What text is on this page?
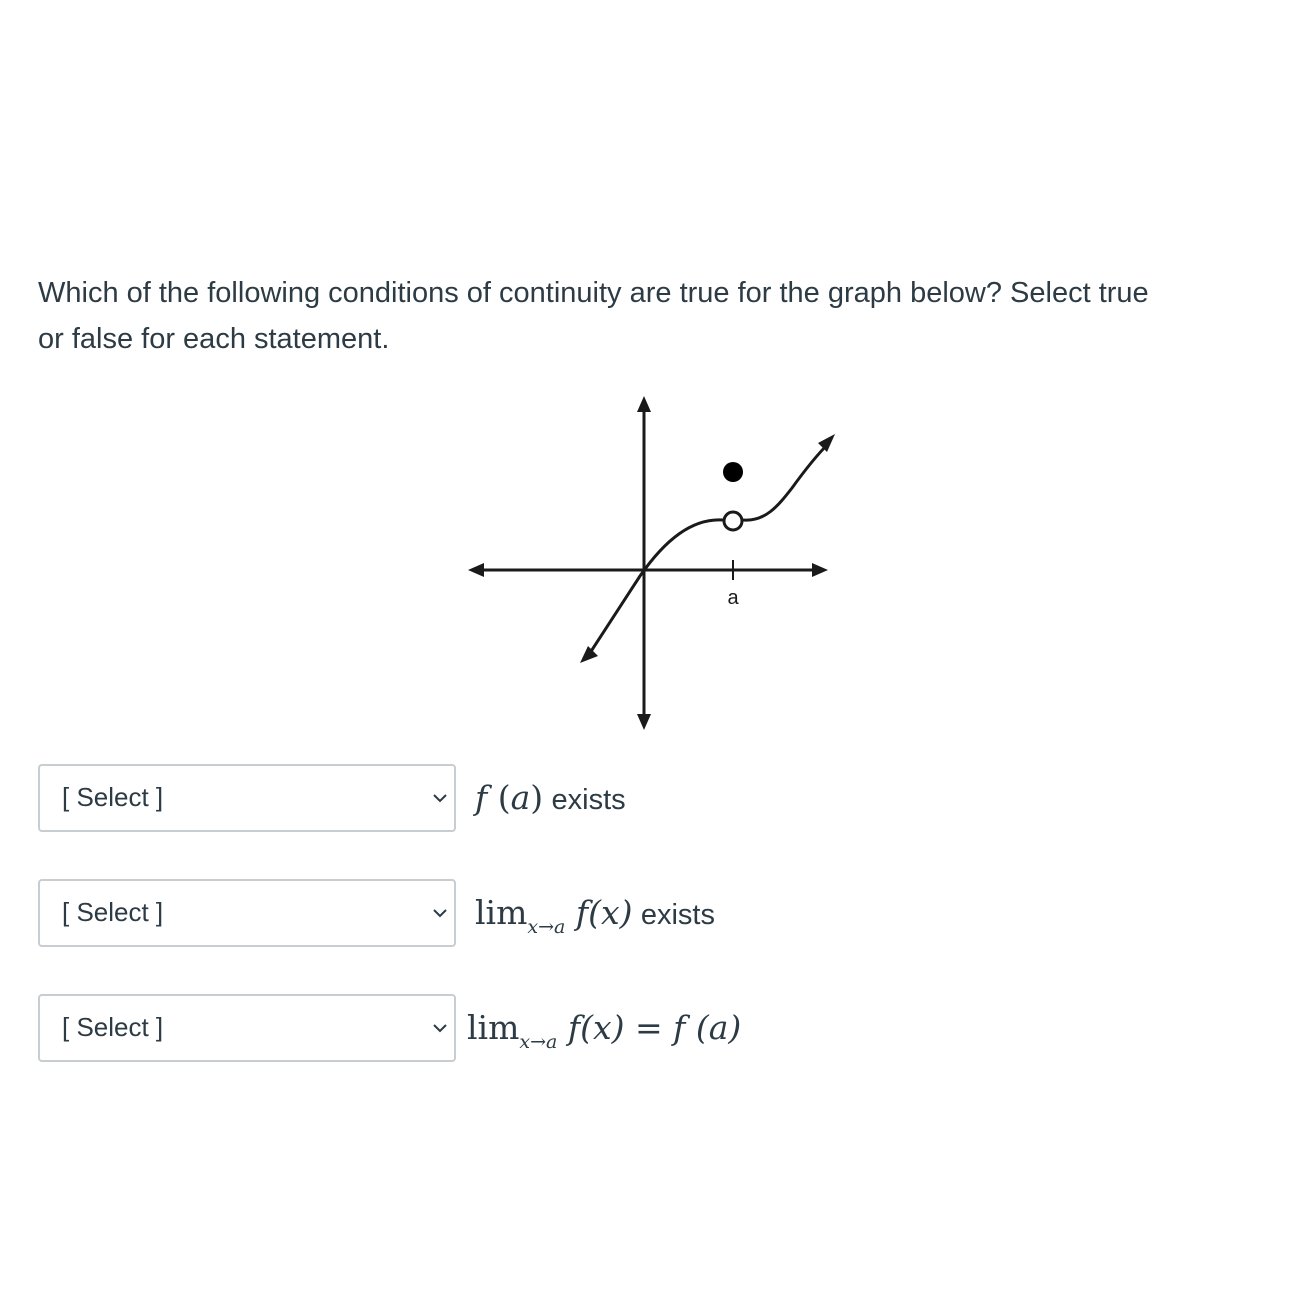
Which of the following conditions of continuity are true for the graph below? Select true
or false for each statement.

a
[ Select ]	f (a) exists
[ Select ]	$\lim_{x\to a} f(x)$ exists
[ Select ]	$\lim_{x\to a} f(x) = f$ (a)
